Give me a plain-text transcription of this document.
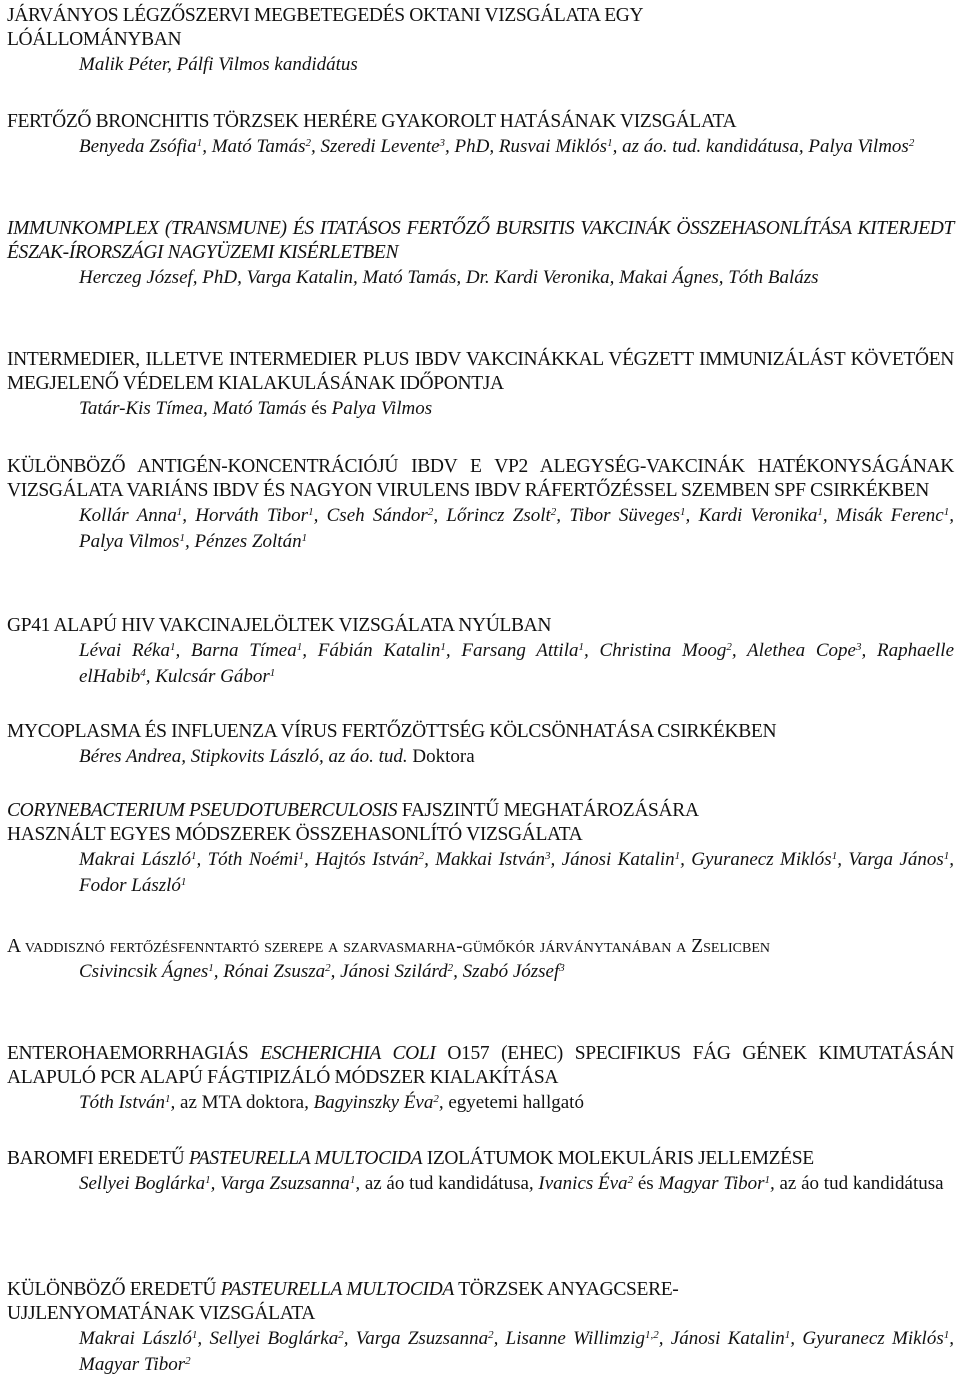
JÁRVÁNYOS LÉGZŐSZERVI MEGBETEGEDÉS OKTANI VIZSGÁLATA EGY
LÓÁLLOMÁNYBAN

Malik Péter, Pálfi Vilmos kandidátus

FERTŐZŐ BRONCHITIS TÖRZSEK HERÉRE GYAKOROLT HATÁSÁNAK VIZSGÁLATA

Benyeda Zsófia$^1$, Mató Tamás$^2$, Szeredi Levente$^3$, PhD, Rusvai Miklós$^1$, az áo. tud. kandidátusa, Palya Vilmos$^2$

IMMUNKOMPLEX (TRANSMUNE) ÉS ITATÁSOS FERTŐZŐ BURSITIS VAKCINÁK ÖSSZEHASONLÍTÁSA KITERJEDT ÉSZAK-ÍRORSZÁGI NAGYÜZEMI KISÉRLETBEN

Herczeg József, PhD, Varga Katalin, Mató Tamás, Dr. Kardi Veronika, Makai Ágnes, Tóth Balázs

INTERMEDIER, ILLETVE INTERMEDIER PLUS IBDV VAKCINÁKKAL VÉGZETT IMMUNIZÁLÁST KÖVETŐEN MEGJELENŐ VÉDELEM KIALAKULÁSÁNAK IDŐPONTJA

Tatár-Kis Tímea, Mató Tamás és Palya Vilmos

KÜLÖNBÖZŐ ANTIGÉN-KONCENTRÁCIÓJÚ IBDV E VP2 ALEGYSÉG-VAKCINÁK HATÉKONYSÁGÁNAK VIZSGÁLATA VARIÁNS IBDV ÉS NAGYON VIRULENS IBDV RÁFERTŐZÉSSEL SZEMBEN SPF CSIRKÉKBEN

Kollár Anna$^1$, Horváth Tibor$^1$, Cseh Sándor$^2$, Lőrincz Zsolt$^2$, Tibor Süveges$^1$, Kardi Veronika$^1$, Misák Ferenc$^1$, Palya Vilmos$^1$, Pénzes Zoltán$^1$

GP41 ALAPÚ HIV VAKCINAJELÖLTEK VIZSGÁLATA NYÚLBAN

Lévai Réka$^1$, Barna Tímea$^1$, Fábián Katalin$^1$, Farsang Attila$^1$, Christina Moog$^2$, Alethea Cope$^3$, Raphaelle elHabib$^4$, Kulcsár Gábor$^1$

MYCOPLASMA ÉS INFLUENZA VÍRUS FERTŐZÖTTSÉG KÖLCSÖNHATÁSA CSIRKÉKBEN

Béres Andrea, Stipkovits László, az áo. tud. Doktora

CORYNEBACTERIUM PSEUDOTUBERCULOSIS FAJSZINTŰ MEGHATÁROZÁSÁRA
HASZNÁLT EGYES MÓDSZEREK ÖSSZEHASONLÍTÓ VIZSGÁLATA

Makrai László$^1$, Tóth Noémi$^1$, Hajtós István$^2$, Makkai István$^3$, Jánosi Katalin$^1$, Gyuranecz Miklós$^1$, Varga János$^1$, Fodor László$^1$

A vaddisznó fertőzésfenntartó szerepe a szarvasmarha-gümőkór járványtanában a Zselicben

Csivincsik Ágnes$^1$, Rónai Zsusza$^2$, Jánosi Szilárd$^2$, Szabó József$^3$

ENTEROHAEMORRHAGIÁS ESCHERICHIA COLI O157 (EHEC) SPECIFIKUS FÁG GÉNEK KIMUTATÁSÁN ALAPULÓ PCR ALAPÚ FÁGTIPIZÁLÓ MÓDSZER KIALAKÍTÁSA

Tóth István$^1$, az MTA doktora, Bagyinszky Éva$^2$, egyetemi hallgató

BAROMFI EREDETŰ PASTEURELLA MULTOCIDA IZOLÁTUMOK MOLEKULÁRIS JELLEMZÉSE

Sellyei Boglárka$^1$, Varga Zsuzsanna$^1$, az áo tud kandidátusa, Ivanics Éva$^2$ és Magyar Tibor$^1$, az áo tud kandidátusa

KÜLÖNBÖZŐ EREDETŰ PASTEURELLA MULTOCIDA TÖRZSEK ANYAGCSERE-
UJJLENYOMATÁNAK VIZSGÁLATA

Makrai László$^1$, Sellyei Boglárka$^2$, Varga Zsuzsanna$^2$, Lisanne Willimzig$^{1,2}$, Jánosi Katalin$^1$, Gyuranecz Miklós$^1$, Magyar Tibor$^2$
